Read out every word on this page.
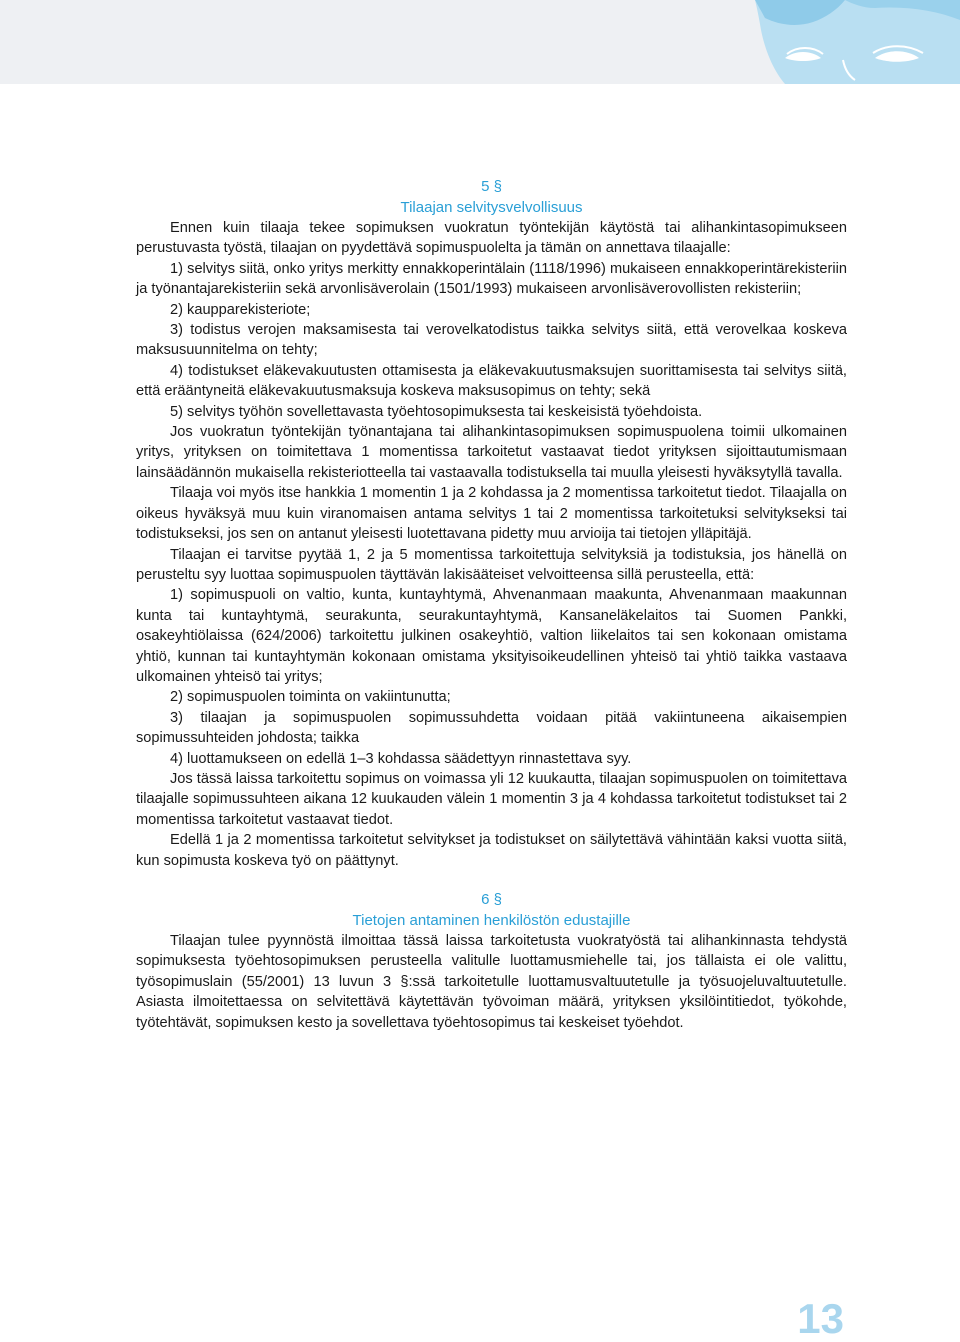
5 §
Tilaajan selvitysvelvollisuus

Ennen kuin tilaaja tekee sopimuksen vuokratun työntekijän käytöstä tai alihankintasopimukseen perustuvasta työstä, tilaajan on pyydettävä sopimuspuolelta ja tämän on annettava tilaajalle:

1) selvitys siitä, onko yritys merkitty ennakkoperintälain (1118/1996) mukaiseen ennakkoperintärekisteriin ja työnantajarekisteriin sekä arvonlisäverolain (1501/1993) mukaiseen arvonlisäverovollisten rekisteriin;

2) kaupparekisteriote;

3) todistus verojen maksamisesta tai verovelkatodistus taikka selvitys siitä, että verovelkaa koskeva maksusuunnitelma on tehty;

4) todistukset eläkevakuutusten ottamisesta ja eläkevakuutusmaksujen suorittamisesta tai selvitys siitä, että erääntyneitä eläkevakuutusmaksuja koskeva maksusopimus on tehty; sekä

5) selvitys työhön sovellettavasta työehtosopimuksesta tai keskeisistä työehdoista.

Jos vuokratun työntekijän työnantajana tai alihankintasopimuksen sopimuspuolena toimii ulkomainen yritys, yrityksen on toimitettava 1 momentissa tarkoitetut vastaavat tiedot yrityksen sijoittautumismaan lainsäädännön mukaisella rekisteriotteella tai vastaavalla todistuksella tai muulla yleisesti hyväksytyllä tavalla.

Tilaaja voi myös itse hankkia 1 momentin 1 ja 2 kohdassa ja 2 momentissa tarkoitetut tiedot. Tilaajalla on oikeus hyväksyä muu kuin viranomaisen antama selvitys 1 tai 2 momentissa tarkoitetuksi selvitykseksi tai todistukseksi, jos sen on antanut yleisesti luotettavana pidetty muu arvioija tai tietojen ylläpitäjä.

Tilaajan ei tarvitse pyytää 1, 2 ja 5 momentissa tarkoitettuja selvityksiä ja todistuksia, jos hänellä on perusteltu syy luottaa sopimuspuolen täyttävän lakisääteiset velvoitteensa sillä perusteella, että:

1) sopimuspuoli on valtio, kunta, kuntayhtymä, Ahvenanmaan maakunta, Ahvenanmaan maakunnan kunta tai kuntayhtymä, seurakunta, seurakuntayhtymä, Kansaneläkelaitos tai Suomen Pankki, osakeyhtiölaissa (624/2006) tarkoitettu julkinen osakeyhtiö, valtion liikelaitos tai sen kokonaan omistama yhtiö, kunnan tai kuntayhtymän kokonaan omistama yksityisoikeudellinen yhteisö tai yhtiö taikka vastaava ulkomainen yhteisö tai yritys;

2) sopimuspuolen toiminta on vakiintunutta;

3) tilaajan ja sopimuspuolen sopimussuhdetta voidaan pitää vakiintuneena aikaisempien sopimussuhteiden johdosta; taikka

4) luottamukseen on edellä 1–3 kohdassa säädettyyn rinnastettava syy.

Jos tässä laissa tarkoitettu sopimus on voimassa yli 12 kuukautta, tilaajan sopimuspuolen on toimitettava tilaajalle sopimussuhteen aikana 12 kuukauden välein 1 momentin 3 ja 4 kohdassa tarkoitetut todistukset tai 2 momentissa tarkoitetut vastaavat tiedot.

Edellä 1 ja 2 momentissa tarkoitetut selvitykset ja todistukset on säilytettävä vähintään kaksi vuotta siitä, kun sopimusta koskeva työ on päättynyt.

6 §
Tietojen antaminen henkilöstön edustajille

Tilaajan tulee pyynnöstä ilmoittaa tässä laissa tarkoitetusta vuokratyöstä tai alihankinnasta tehdystä sopimuksesta työehtosopimuksen perusteella valitulle luottamusmiehelle tai, jos tällaista ei ole valittu, työsopimuslain (55/2001) 13 luvun 3 §:ssä tarkoitetulle luottamusvaltuutetulle ja työsuojeluvaltuutetulle. Asiasta ilmoitettaessa on selvitettävä käytettävän työvoiman määrä, yrityksen yksilöintitiedot, työkohde, työtehtävät, sopimuksen kesto ja sovellettava työehtosopimus tai keskeiset työehdot.

13
